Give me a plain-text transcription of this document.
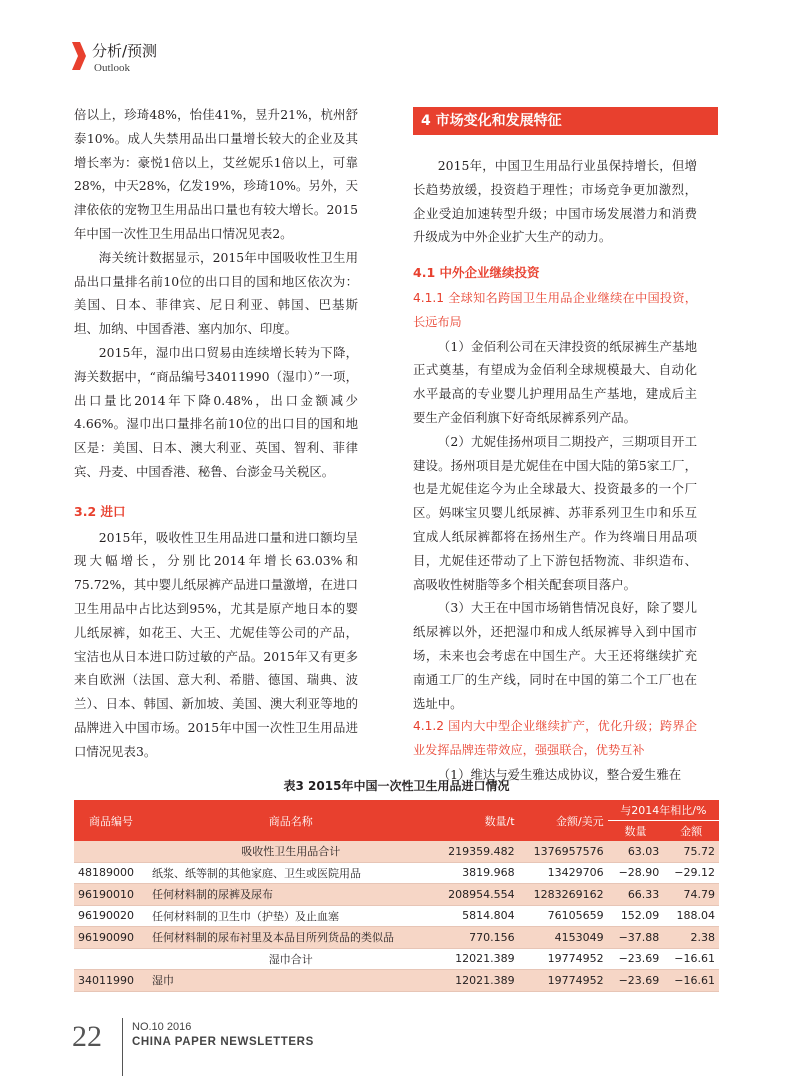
分析/预测
Outlook

倍以上，珍琦48%，怡佳41%，昱升21%，杭州舒泰10%。成人失禁用品出口量增长较大的企业及其增长率为：豪悦1倍以上，艾丝妮乐1倍以上，可靠28%，中天28%，亿发19%，珍琦10%。另外，天津依依的宠物卫生用品出口量也有较大增长。2015年中国一次性卫生用品出口情况见表2。

海关统计数据显示，2015年中国吸收性卫生用品出口量排名前10位的出口目的国和地区依次为：美国、日本、菲律宾、尼日利亚、韩国、巴基斯坦、加纳、中国香港、塞内加尔、印度。

2015年，湿巾出口贸易由连续增长转为下降，海关数据中，“商品编号34011990（湿巾）”一项，出口量比2014年下降0.48%，出口金额减少4.66%。湿巾出口量排名前10位的出口目的国和地区是：美国、日本、澳大利亚、英国、智利、菲律宾、丹麦、中国香港、秘鲁、台澎金马关税区。

3.2 进口

2015年，吸收性卫生用品进口量和进口额均呈现大幅增长，分别比2014年增长63.03%和75.72%，其中婴儿纸尿裤产品进口量激增，在进口卫生用品中占比达到95%，尤其是原产地日本的婴儿纸尿裤，如花王、大王、尤妮佳等公司的产品，宝洁也从日本进口防过敏的产品。2015年又有更多来自欧洲（法国、意大利、希腊、德国、瑞典、波兰）、日本、韩国、新加坡、美国、澳大利亚等地的品牌进入中国市场。2015年中国一次性卫生用品进口情况见表3。

4 市场变化和发展特征

2015年，中国卫生用品行业虽保持增长，但增长趋势放缓，投资趋于理性；市场竞争更加激烈，企业受迫加速转型升级；中国市场发展潜力和消费升级成为中外企业扩大生产的动力。

4.1 中外企业继续投资

4.1.1 全球知名跨国卫生用品企业继续在中国投资，长远布局

（1）金佰利公司在天津投资的纸尿裤生产基地正式奠基，有望成为金佰利全球规模最大、自动化水平最高的专业婴儿护理用品生产基地，建成后主要生产金佰利旗下好奇纸尿裤系列产品。

（2）尤妮佳扬州项目二期投产，三期项目开工建设。扬州项目是尤妮佳在中国大陆的第5家工厂，也是尤妮佳迄今为止全球最大、投资最多的一个厂区。妈咪宝贝婴儿纸尿裤、苏菲系列卫生巾和乐互宜成人纸尿裤都将在扬州生产。作为终端日用品项目，尤妮佳还带动了上下游包括物流、非织造布、高吸收性树脂等多个相关配套项目落户。

（3）大王在中国市场销售情况良好，除了婴儿纸尿裤以外，还把湿巾和成人纸尿裤导入到中国市场，未来也会考虑在中国生产。大王还将继续扩充南通工厂的生产线，同时在中国的第二个工厂也在选址中。

4.1.2 国内大中型企业继续扩产，优化升级；跨界企业发挥品牌连带效应，强强联合，优势互补

（1）维达与爱生雅达成协议，整合爱生雅在

表3 2015年中国一次性卫生用品进口情况
商品编号	商品名称	数量/t	金额/美元	与2014年相比/%	
				数量	金额
	吸收性卫生用品合计	219359.482	1376957576	63.03	75.72
48189000	纸浆、纸等制的其他家庭、卫生或医院用品	3819.968	13429706	−28.90	−29.12
96190010	任何材料制的尿裤及尿布	208954.554	1283269162	66.33	74.79
96190020	任何材料制的卫生巾（护垫）及止血塞	5814.804	76105659	152.09	188.04
96190090	任何材料制的尿布衬里及本品目所列货品的类似品	770.156	4153049	−37.88	2.38
	湿巾合计	12021.389	19774952	−23.69	−16.61
34011990	湿巾	12021.389	19774952	−23.69	−16.61
22	NO.10 2016
CHINA PAPER NEWSLETTERS
